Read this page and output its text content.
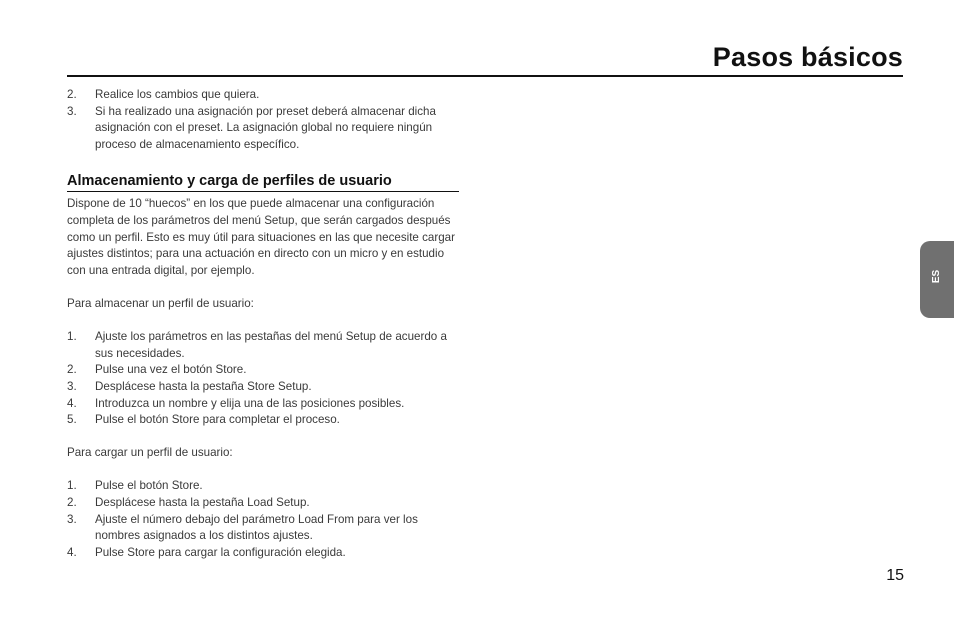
Pasos básicos
2. Realice los cambios que quiera.
3. Si ha realizado una asignación por preset deberá almacenar dicha asignación con el preset. La asignación global no requiere ningún proceso de almacenamiento específico.
Almacenamiento y carga de perfiles de usuario

Dispone de 10 “huecos” en los que puede almacenar una configuración completa de los parámetros del menú Setup, que serán cargados después como un perfil. Esto es muy útil para situaciones en las que necesite cargar ajustes distintos; para una actuación en directo con un micro y en estudio con una entrada digital, por ejemplo.

Para almacenar un perfil de usuario:

1. Ajuste los parámetros en las pestañas del menú Setup de acuerdo a sus necesidades.
2. Pulse una vez el botón Store.
3. Desplácese hasta la pestaña Store Setup.
4. Introduzca un nombre y elija una de las posiciones posibles.
5. Pulse el botón Store para completar el proceso.

Para cargar un perfil de usuario:

1. Pulse el botón Store.
2. Desplácese hasta la pestaña Load Setup.
3. Ajuste el número debajo del parámetro Load From para ver los nombres asignados a los distintos ajustes.
4. Pulse Store para cargar la configuración elegida.
ES
15
